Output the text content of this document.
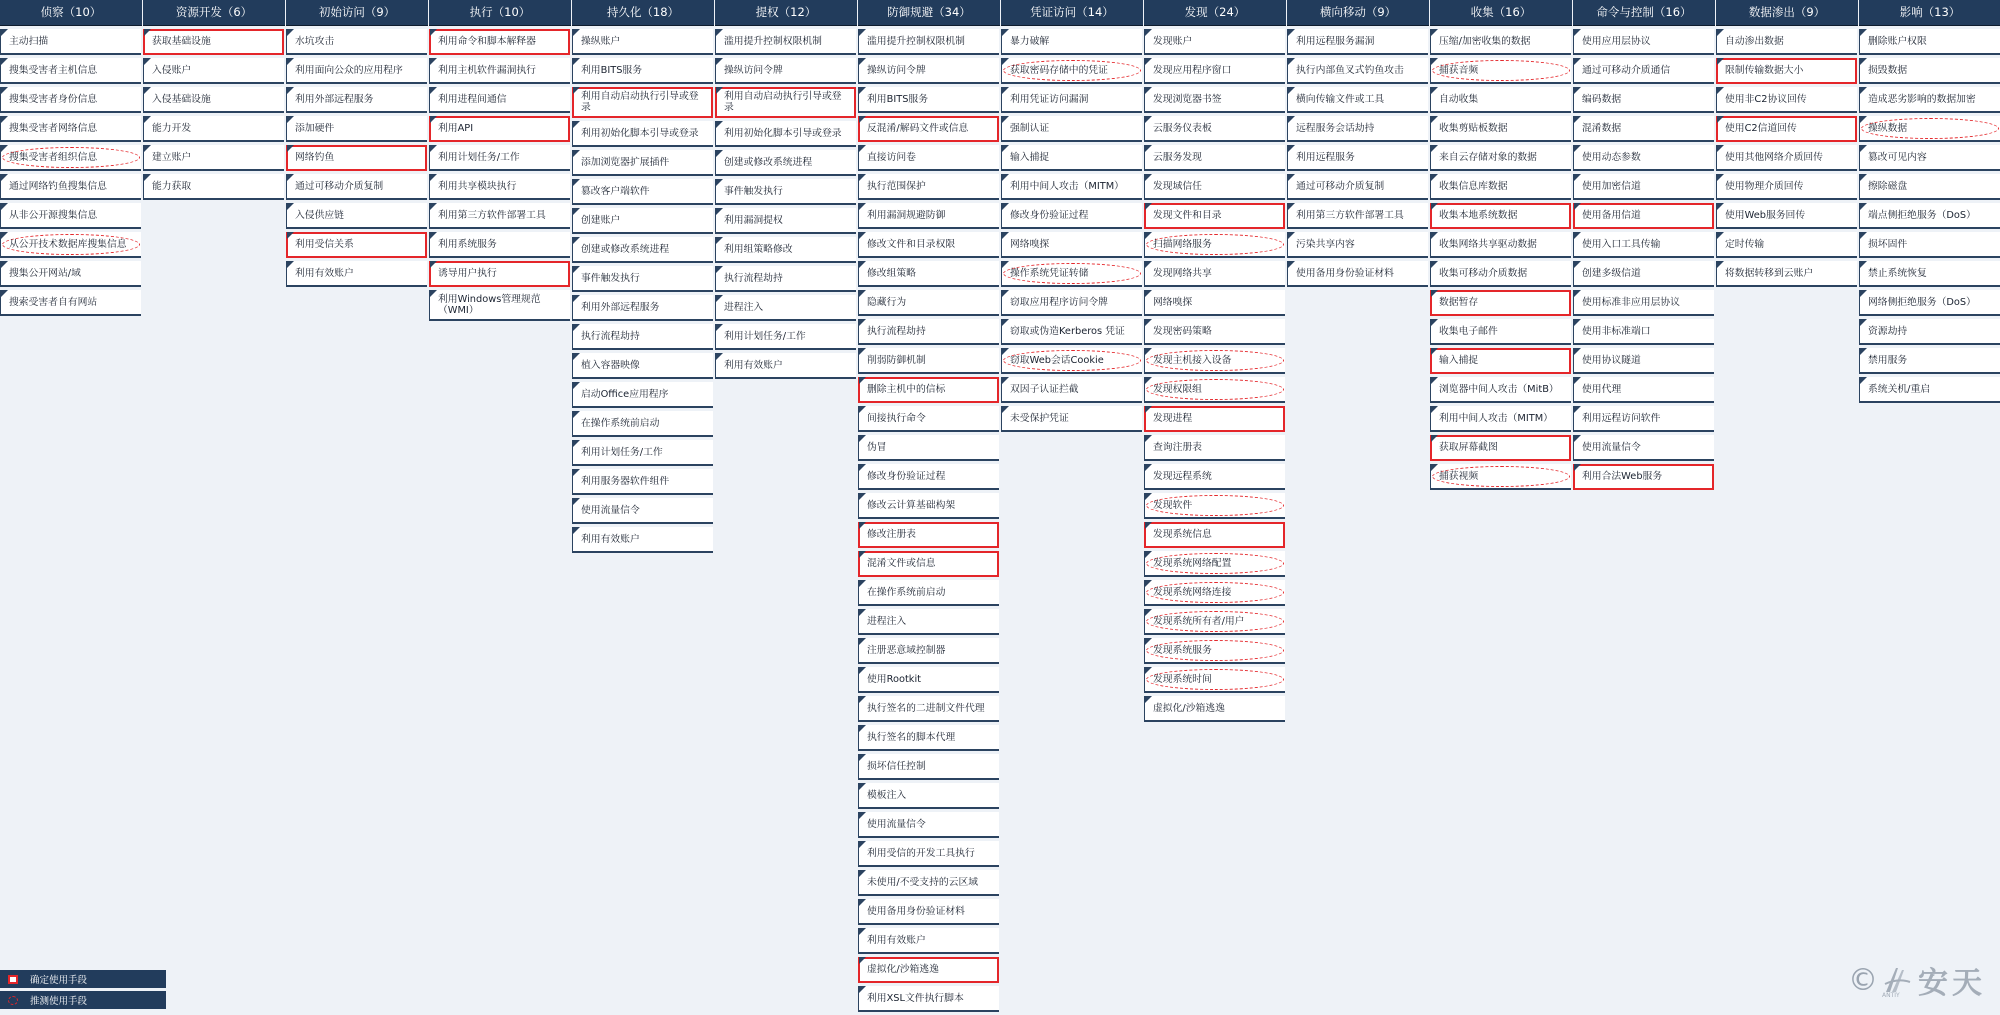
侦察（10）
主动扫描
搜集受害者主机信息
搜集受害者身份信息
搜集受害者网络信息
搜集受害者组织信息
通过网络钓鱼搜集信息
从非公开源搜集信息
从公开技术数据库搜集信息
搜集公开网站/域
搜索受害者自有网站
资源开发（6）
获取基础设施
入侵账户
入侵基础设施
能力开发
建立账户
能力获取
初始访问（9）
水坑攻击
利用面向公众的应用程序
利用外部远程服务
添加硬件
网络钓鱼
通过可移动介质复制
入侵供应链
利用受信关系
利用有效账户
执行（10）
利用命令和脚本解释器
利用主机软件漏洞执行
利用进程间通信
利用API
利用计划任务/工作
利用共享模块执行
利用第三方软件部署工具
利用系统服务
诱导用户执行
利用Windows管理规范（WMI）
持久化（18）
操纵账户
利用BITS服务
利用自动启动执行引导或登录
利用初始化脚本引导或登录
添加浏览器扩展插件
篡改客户端软件
创建账户
创建或修改系统进程
事件触发执行
利用外部远程服务
执行流程劫持
植入容器映像
启动Office应用程序
在操作系统前启动
利用计划任务/工作
利用服务器软件组件
使用流量信令
利用有效账户
提权（12）
滥用提升控制权限机制
操纵访问令牌
利用自动启动执行引导或登录
利用初始化脚本引导或登录
创建或修改系统进程
事件触发执行
利用漏洞提权
利用组策略修改
执行流程劫持
进程注入
利用计划任务/工作
利用有效账户
防御规避（34）
滥用提升控制权限机制
操纵访问令牌
利用BITS服务
反混淆/解码文件或信息
直接访问卷
执行范围保护
利用漏洞规避防御
修改文件和目录权限
修改组策略
隐藏行为
执行流程劫持
削弱防御机制
删除主机中的信标
间接执行命令
伪冒
修改身份验证过程
修改云计算基础构架
修改注册表
混淆文件或信息
在操作系统前启动
进程注入
注册恶意域控制器
使用Rootkit
执行签名的二进制文件代理
执行签名的脚本代理
损坏信任控制
模板注入
使用流量信令
利用受信的开发工具执行
未使用/不受支持的云区域
使用备用身份验证材料
利用有效账户
虚拟化/沙箱逃逸
利用XSL文件执行脚本
凭证访问（14）
暴力破解
获取密码存储中的凭证
利用凭证访问漏洞
强制认证
输入捕捉
利用中间人攻击（MITM）
修改身份验证过程
网络嗅探
操作系统凭证转储
窃取应用程序访问令牌
窃取或伪造Kerberos 凭证
窃取Web会话Cookie
双因子认证拦截
未受保护凭证
发现（24）
发现账户
发现应用程序窗口
发现浏览器书签
云服务仪表板
云服务发现
发现域信任
发现文件和目录
扫描网络服务
发现网络共享
网络嗅探
发现密码策略
发现主机接入设备
发现权限组
发现进程
查询注册表
发现远程系统
发现软件
发现系统信息
发现系统网络配置
发现系统网络连接
发现系统所有者/用户
发现系统服务
发现系统时间
虚拟化/沙箱逃逸
横向移动（9）
利用远程服务漏洞
执行内部鱼叉式钓鱼攻击
横向传输文件或工具
远程服务会话劫持
利用远程服务
通过可移动介质复制
利用第三方软件部署工具
污染共享内容
使用备用身份验证材料
收集（16）
压缩/加密收集的数据
捕获音频
自动收集
收集剪贴板数据
来自云存储对象的数据
收集信息库数据
收集本地系统数据
收集网络共享驱动数据
收集可移动介质数据
数据暂存
收集电子邮件
输入捕捉
浏览器中间人攻击（MitB）
利用中间人攻击（MITM）
获取屏幕截图
捕获视频
命令与控制（16）
使用应用层协议
通过可移动介质通信
编码数据
混淆数据
使用动态参数
使用加密信道
使用备用信道
使用入口工具传输
创建多级信道
使用标准非应用层协议
使用非标准端口
使用协议隧道
使用代理
利用远程访问软件
使用流量信令
利用合法Web服务
数据渗出（9）
自动渗出数据
限制传输数据大小
使用非C2协议回传
使用C2信道回传
使用其他网络介质回传
使用物理介质回传
使用Web服务回传
定时传输
将数据转移到云账户
影响（13）
删除账户权限
损毁数据
造成恶劣影响的数据加密
操纵数据
篡改可见内容
擦除磁盘
端点侧拒绝服务（DoS）
损坏固件
禁止系统恢复
网络侧拒绝服务（DoS）
资源劫持
禁用服务
系统关机/重启
确定使用手段
推测使用手段
© ANTIY 安天
